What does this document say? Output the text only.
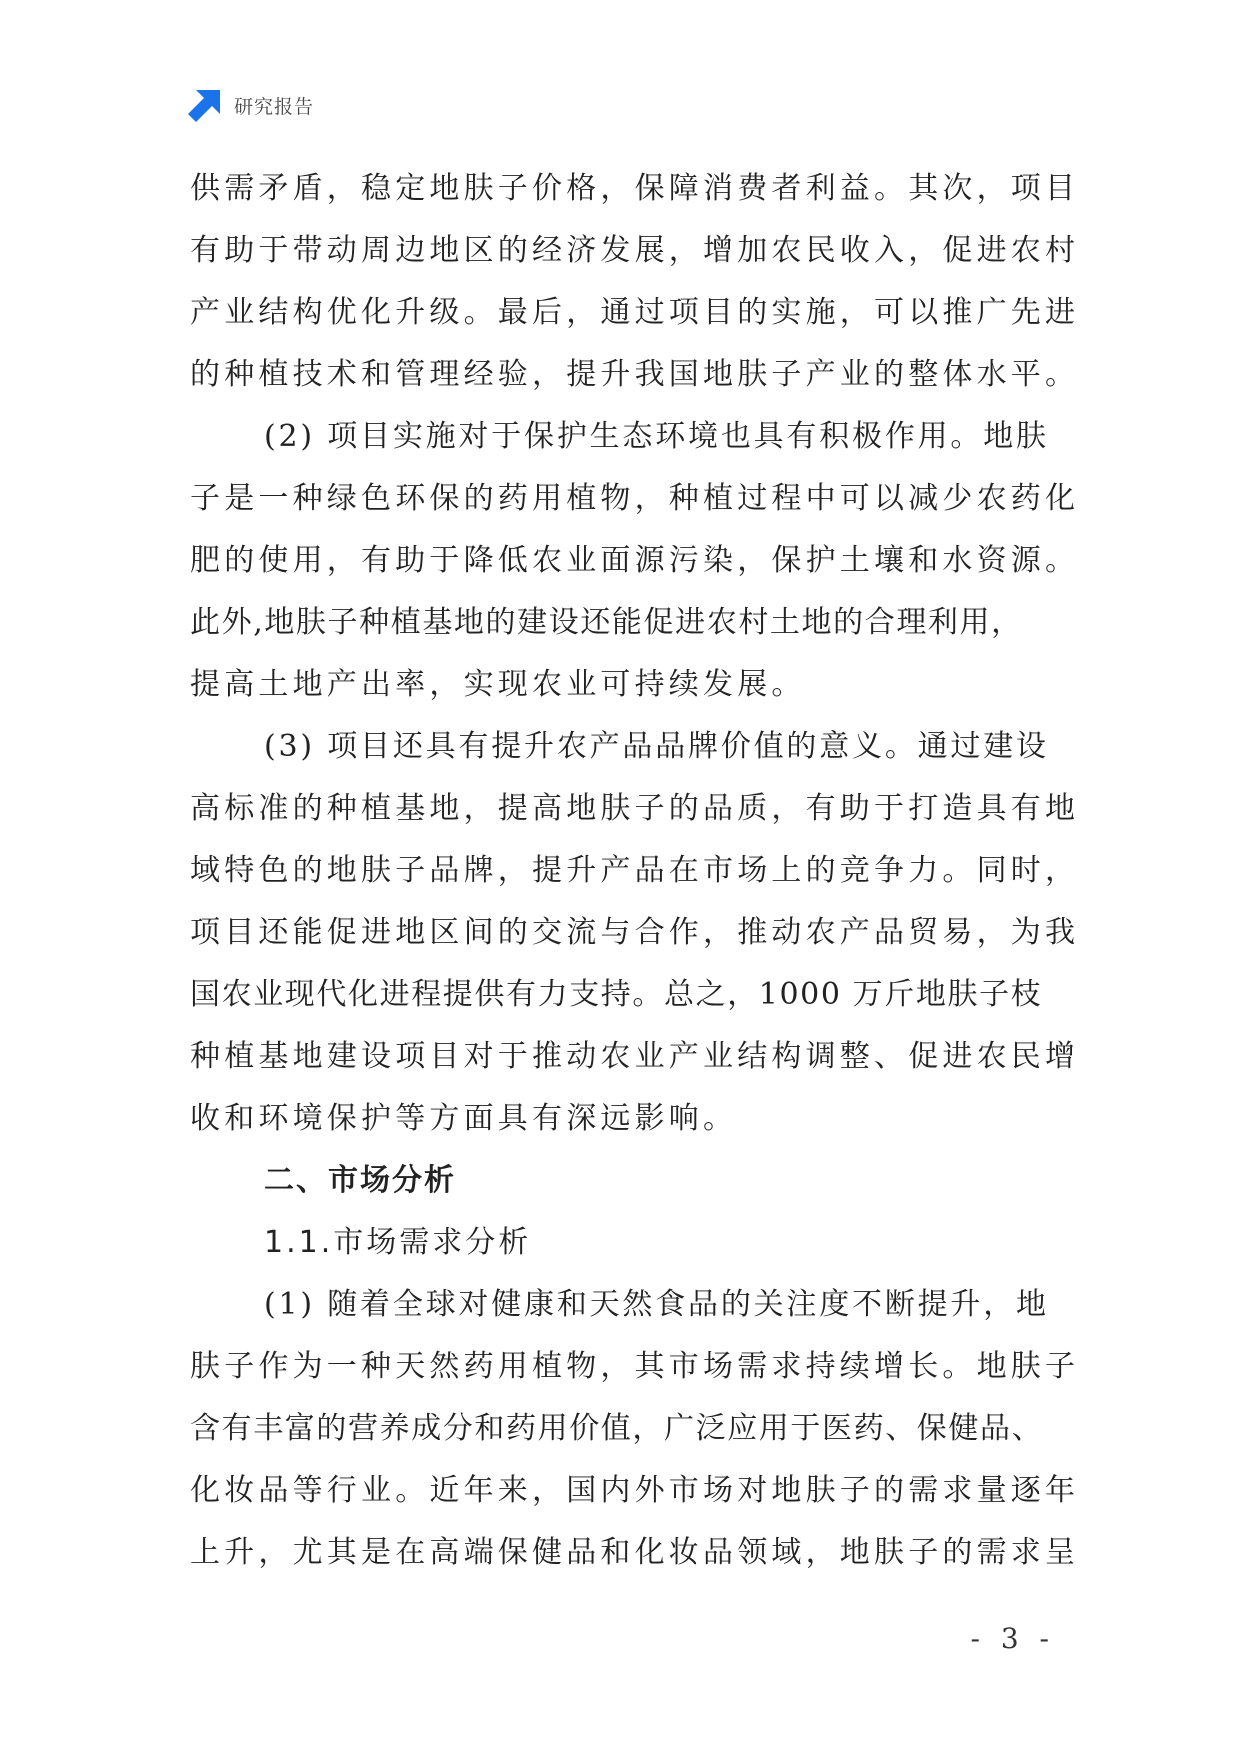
研究报告
供需矛盾，稳定地肤子价格，保障消费者利益。其次，项目
有助于带动周边地区的经济发展，增加农民收入，促进农村
产业结构优化升级。最后，通过项目的实施，可以推广先进
的种植技术和管理经验，提升我国地肤子产业的整体水平。
(2) 项目实施对于保护生态环境也具有积极作用。地肤
子是一种绿色环保的药用植物，种植过程中可以减少农药化
肥的使用，有助于降低农业面源污染，保护土壤和水资源。
此外,地肤子种植基地的建设还能促进农村土地的合理利用，
提高土地产出率，实现农业可持续发展。
(3) 项目还具有提升农产品品牌价值的意义。通过建设
高标准的种植基地，提高地肤子的品质，有助于打造具有地
域特色的地肤子品牌，提升产品在市场上的竞争力。同时，
项目还能促进地区间的交流与合作，推动农产品贸易，为我
国农业现代化进程提供有力支持。总之，1000 万斤地肤子枝
种植基地建设项目对于推动农业产业结构调整、促进农民增
收和环境保护等方面具有深远影响。
二、市场分析
1.1.市场需求分析
(1) 随着全球对健康和天然食品的关注度不断提升，地
肤子作为一种天然药用植物，其市场需求持续增长。地肤子
含有丰富的营养成分和药用价值，广泛应用于医药、保健品、
化妆品等行业。近年来，国内外市场对地肤子的需求量逐年
上升，尤其是在高端保健品和化妆品领域，地肤子的需求呈
- 3 -
